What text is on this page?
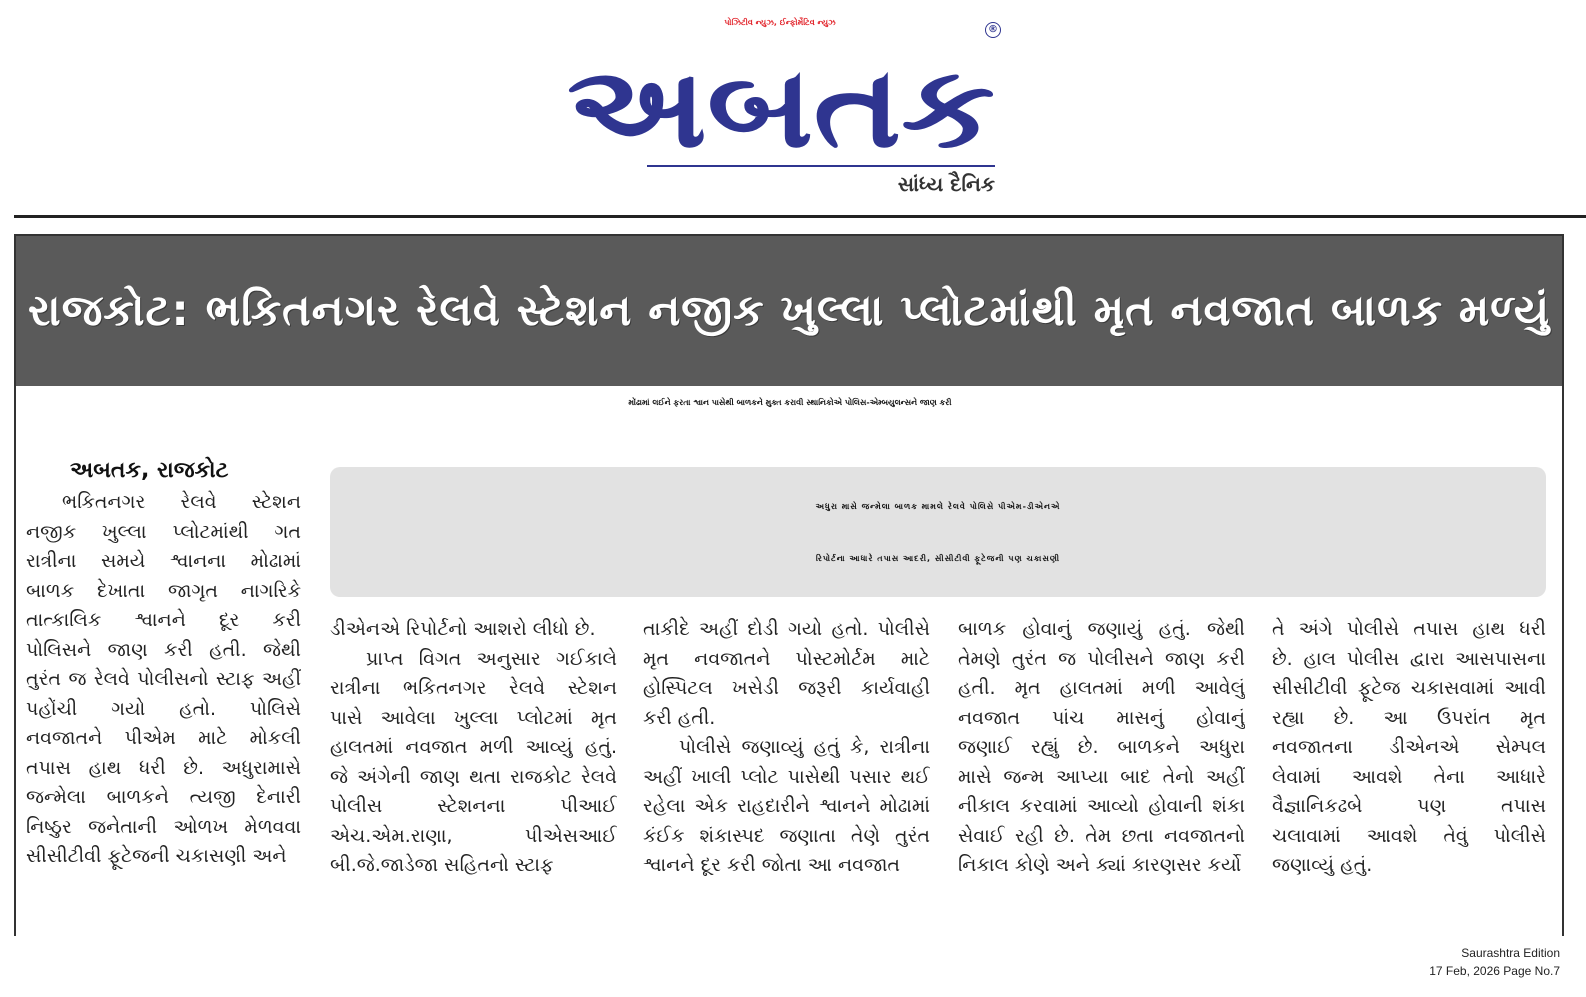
પોઝિટીવ ન્યુઝ, ઈન્ફોર્મેટિવ ન્યુઝ
®
અબતક
સાંધ્ય દૈનિક
રાજકોટ: ભકિતનગર રેલવે સ્ટેશન નજીક ખુલ્લા પ્લોટમાંથી મૃત નવજાત બાળક મળ્યું
મોંઢામાં લઈને ફરતા શ્વાન પાસેથી બાળકને મુક્ત કરાવી સ્થાનિકોએ પોલિસ-એમ્બયુલન્સને જાણ કરી
અબતક, રાજકોટ

અધુરા માસે જન્મેલા બાળક મામલે રેલવે પોલિસે પીએમ-ડીએનએ

રિપોર્ટના આધારે તપાસ આદરી, સીસીટીવી ફૂટેજની પણ ચકાસણી

ભકિતનગર રેલવે સ્ટેશન
નજીક ખુલ્લા પ્લોટમાંથી ગત
રાત્રીના સમયે શ્વાનના મોઢામાં
બાળક દેખાતા જાગૃત નાગરિકે
તાત્કાલિક શ્વાનને દૂર કરી
પોલિસને જાણ કરી હતી. જેથી
તુરંત જ રેલવે પોલીસનો સ્ટાફ અહીં
પહોંચી ગયો હતો. પોલિસે
નવજાતને પીએમ માટે મોકલી
તપાસ હાથ ધરી છે. અધુરામાસે
જન્મેલા બાળકને ત્યજી દેનારી
નિષ્ઠુર જનેતાની ઓળખ મેળવવા
સીસીટીવી ફૂટેજની ચકાસણી અને
ડીએનએ રિપોર્ટનો આશરો લીધો છે.
પ્રાપ્ત વિગત અનુસાર ગઈકાલે
રાત્રીના ભકિતનગર રેલવે સ્ટેશન
પાસે આવેલા ખુલ્લા પ્લોટમાં મૃત
હાલતમાં નવજાત મળી આવ્યું હતું.
જે અંગેની જાણ થતા રાજકોટ રેલવે
પોલીસ સ્ટેશનના પીઆઈ
એચ.એમ.રાણા, પીએસઆઈ
બી.જે.જાડેજા સહિતનો સ્ટાફ
તાકીદે અહીં દોડી ગયો હતો. પોલીસે
મૃત નવજાતને પોસ્ટમોર્ટમ માટે
હોસ્પિટલ ખસેડી જરૂરી કાર્યવાહી
કરી હતી.
પોલીસે જણાવ્યું હતું કે, રાત્રીના
અહીં ખાલી પ્લોટ પાસેથી પસાર થઈ
રહેલા એક રાહદારીને શ્વાનને મોઢામાં
કંઈક શંકાસ્પદ જણાતા તેણે તુરંત
શ્વાનને દૂર કરી જોતા આ નવજાત
બાળક હોવાનું જણાયું હતું. જેથી
તેમણે તુરંત જ પોલીસને જાણ કરી
હતી. મૃત હાલતમાં મળી આવેલું
નવજાત પાંચ માસનું હોવાનું
જણાઈ રહ્યું છે. બાળકને અધુરા
માસે જન્મ આપ્યા બાદ તેનો અહીં
નીકાલ કરવામાં આવ્યો હોવાની શંકા
સેવાઈ રહી છે. તેમ છતા નવજાતનો
નિકાલ કોણે અને ક્યાં કારણસર કર્યો
તે અંગે પોલીસે તપાસ હાથ ધરી
છે. હાલ પોલીસ દ્વારા આસપાસના
સીસીટીવી ફૂટેજ ચકાસવામાં આવી
રહ્યા છે. આ ઉપરાંત મૃત
નવજાતના ડીએનએ સેમ્પલ
લેવામાં આવશે તેના આધારે
વૈજ્ઞાનિકઢબે પણ તપાસ
ચલાવામાં આવશે તેવું પોલીસે
જણાવ્યું હતું.
Saurashtra Edition
17 Feb, 2026 Page No.7
